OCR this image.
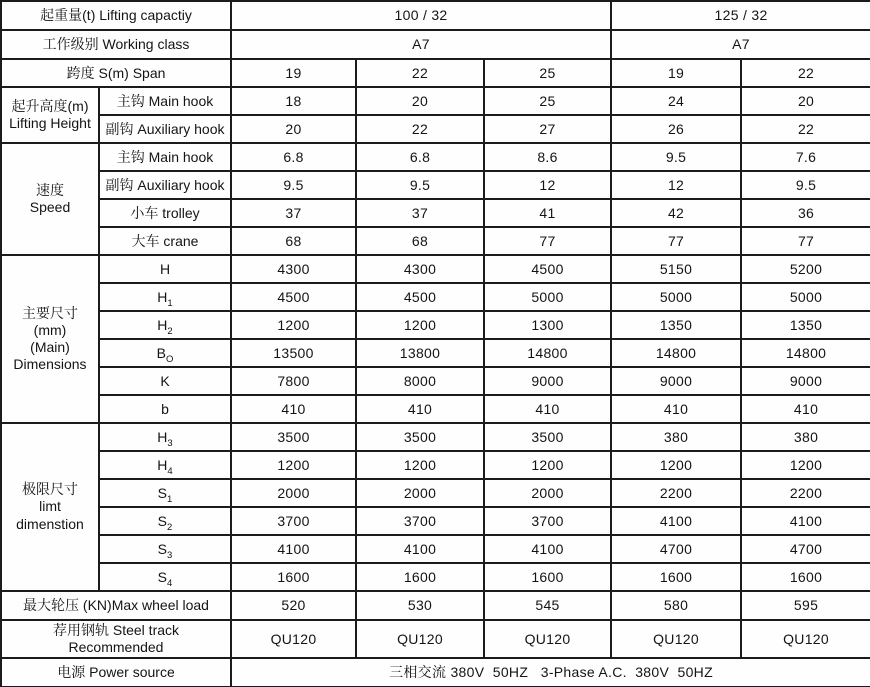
起重量(t) Lifting capactiy		100 / 32			125 / 32	
工作级别 Working class		A7			A7	
跨度 S(m) Span		19	22	25	19	22

起升高度(m)
Lifting Height	主钩 Main hook	18	20	25	24	20
	副钩 Auxiliary hook	20	22	27	26	22

速度
Speed	主钩 Main hook	6.8	6.8	8.6	9.5	7.6
	副钩 Auxiliary hook	9.5	9.5	12	12	9.5
	小车 trolley	37	37	41	42	36
	大车 crane	68	68	77	77	77

主要尺寸
(mm)
(Main)
Dimensions	H	4300	4300	4500	5150	5200
	$H_1$	4500	4500	5000	5000	5000
	$H_2$	1200	1200	1300	1350	1350
	$B_O$	13500	13800	14800	14800	14800
	K	7800	8000	9000	9000	9000
	b	410	410	410	410	410

极限尺寸
limt
dimenstion	$H_3$	3500	3500	3500	380	380
	$H_4$	1200	1200	1200	1200	1200
	$S_1$	2000	2000	2000	2200	2200
	$S_2$	3700	3700	3700	4100	4100
	$S_3$	4100	4100	4100	4700	4700
	$S_4$	1600	1600	1600	1600	1600
最大轮压 (KN)Max wheel load		520	530	545	580	595

荐用钢轨 Steel track
Recommended		QU120	QU120	QU120	QU120	QU120
电源 Power source		三相交流 380V  50HZ   3-Phase A.C.  380V  50HZ				
